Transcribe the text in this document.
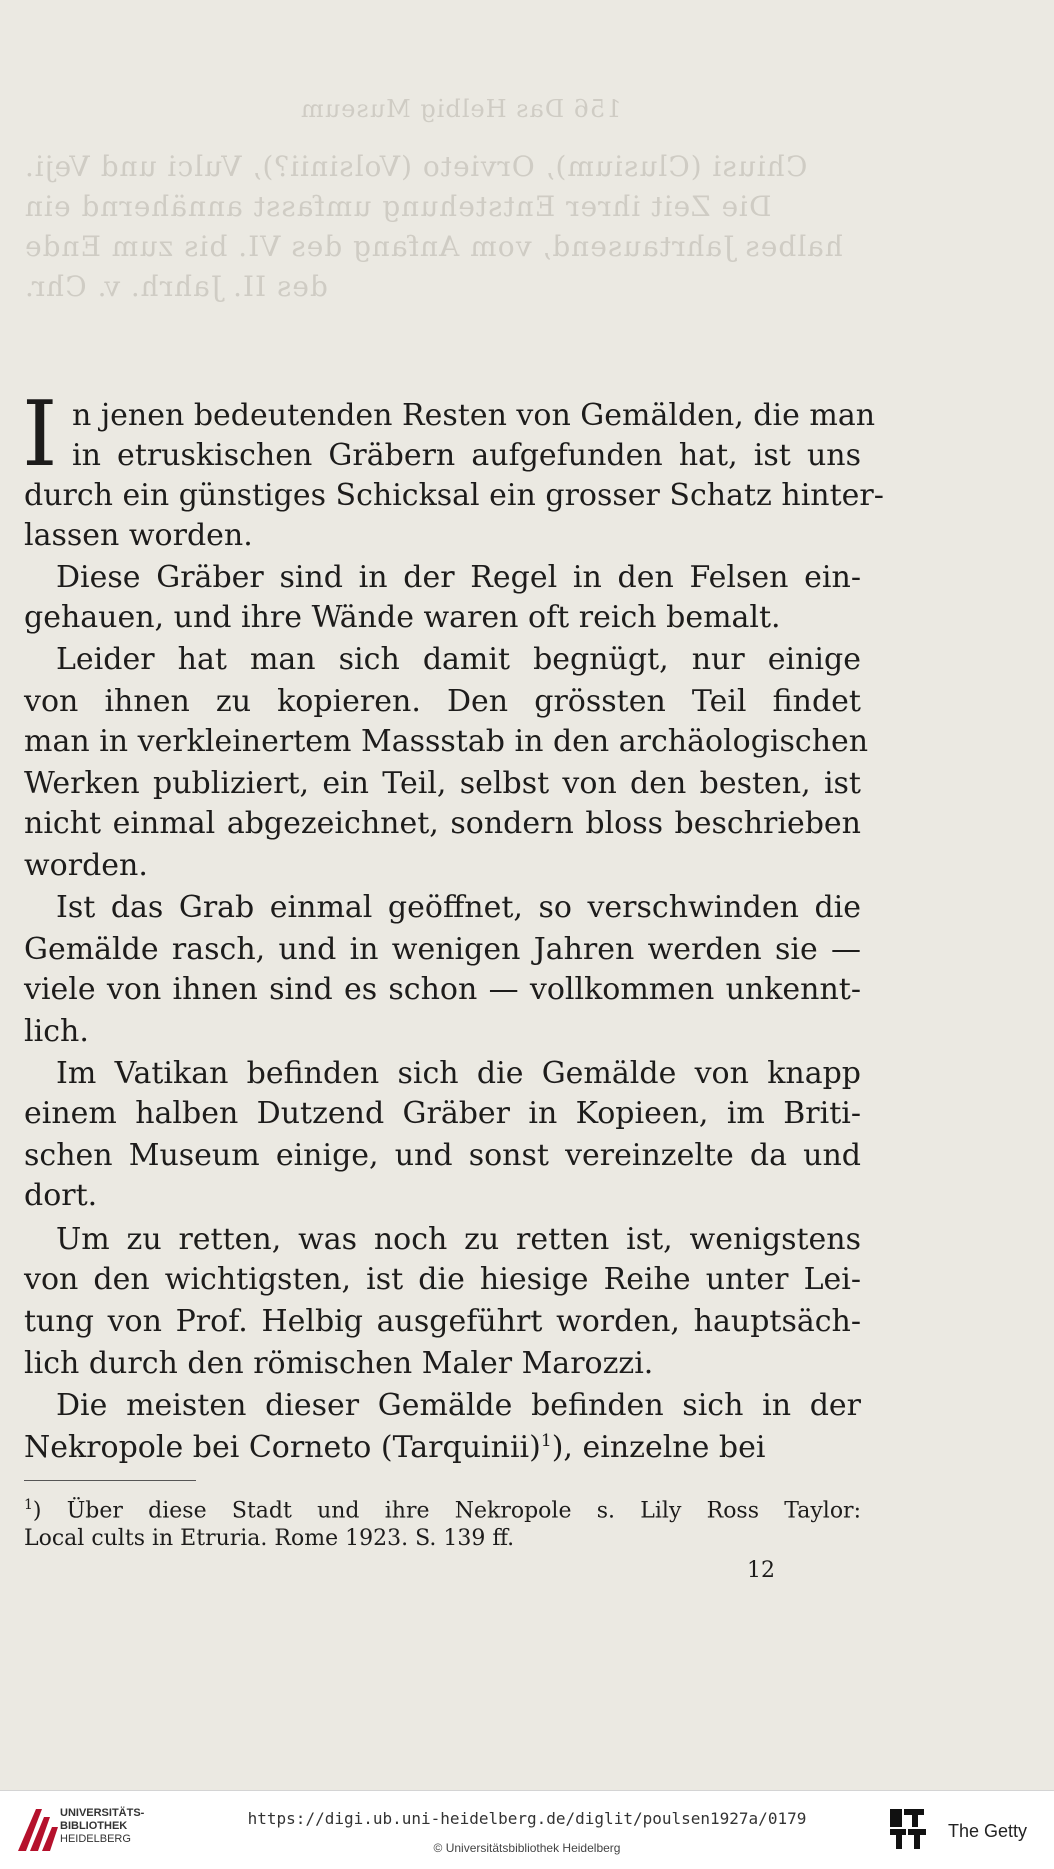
156 Das Helbig Museum
Chiusi (Clusium), Orvieto (Volsinii?), Vulci und Veji.
Die Zeit ihrer Entstehung umfasst annähernd ein
halbes Jahrtausend, vom Anfang des VI. bis zum Ende
des II. Jahrh. v. Chr.
I n jenen bedeutenden Resten von Gemälden, die man
in etruskischen Gräbern aufgefunden hat, ist uns
durch ein günstiges Schicksal ein grosser Schatz hinter-
lassen worden.
Diese Gräber sind in der Regel in den Felsen ein-
gehauen, und ihre Wände waren oft reich bemalt.
Leider hat man sich damit begnügt, nur einige
von ihnen zu kopieren. Den grössten Teil findet
man in verkleinertem Massstab in den archäologischen
Werken publiziert, ein Teil, selbst von den besten, ist
nicht einmal abgezeichnet, sondern bloss beschrieben
worden.
Ist das Grab einmal geöffnet, so verschwinden die
Gemälde rasch, und in wenigen Jahren werden sie —
viele von ihnen sind es schon — vollkommen unkennt-
lich.
Im Vatikan befinden sich die Gemälde von knapp
einem halben Dutzend Gräber in Kopieen, im Briti-
schen Museum einige, und sonst vereinzelte da und
dort.
Um zu retten, was noch zu retten ist, wenigstens
von den wichtigsten, ist die hiesige Reihe unter Lei-
tung von Prof. Helbig ausgeführt worden, hauptsäch-
lich durch den römischen Maler Marozzi.
Die meisten dieser Gemälde befinden sich in der
Nekropole bei Corneto (Tarquinii)$^1$), einzelne bei
$^1$) Über diese Stadt und ihre Nekropole s. Lily Ross Taylor:
Local cults in Etruria. Rome 1923. S. 139 ff.
12
UNIVERSITÄTS-
BIBLIOTHEK
HEIDELBERG
https://digi.ub.uni-heidelberg.de/diglit/poulsen1927a/0179
© Universitätsbibliothek Heidelberg
The Getty
